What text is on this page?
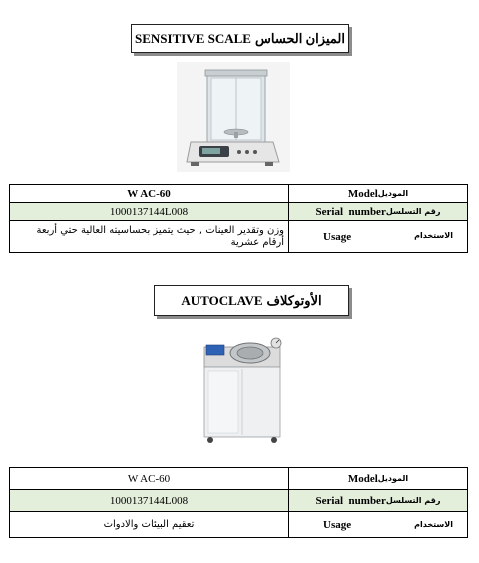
SENSITIVE SCALE الميزان الحساس
W AC-60	Model الموديل

1000137144L008	Serial  number رقم التسلسل

وزن وتقدير العينات , حيث يتميز بحساسيته العالية حتي أربعة أرقام عشرية	Usage الاستخدام
AUTOCLAVE الأوتوكلاف
W AC-60	Model الموديل

1000137144L008	Serial  number رقم التسلسل

تعقيم البيئات والادوات	Usage الاستخدام
